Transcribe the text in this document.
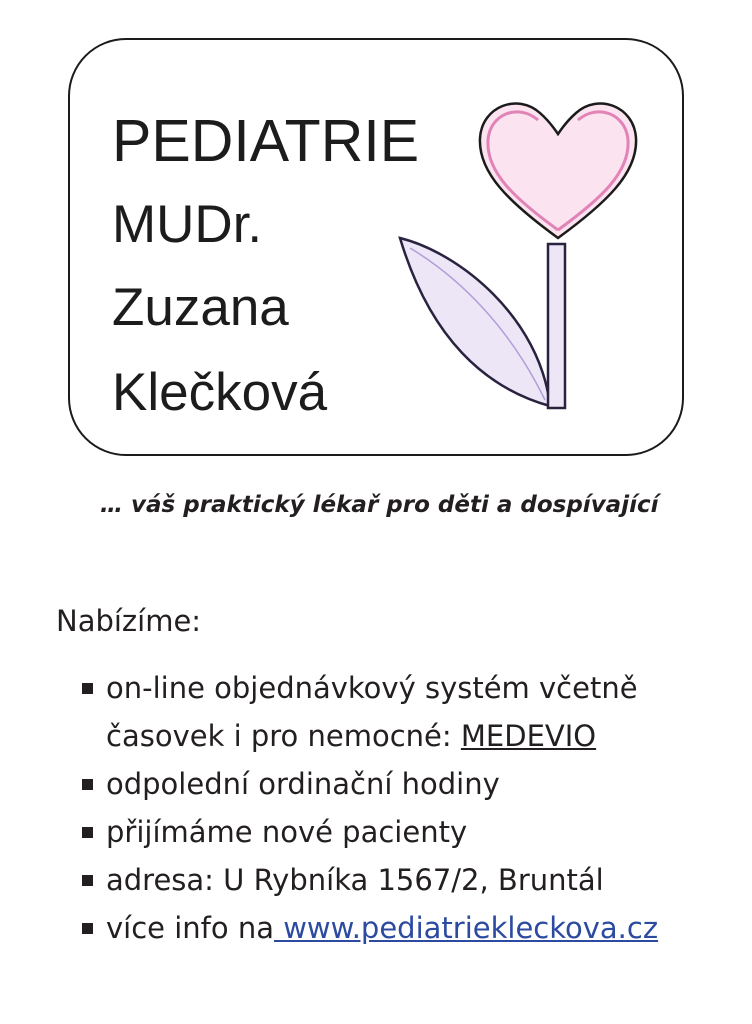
PEDIATRIE
MUDr.
Zuzana
Klečková
… váš praktický lékař pro děti a dospívající
Nabízíme:
on-line objednávkový systém včetně
časovek i pro nemocné: MEDEVIO
odpolední ordinační hodiny
přijímáme nové pacienty
adresa: U Rybníka 1567/2, Bruntál
více info na www.pediatriekleckova.cz
